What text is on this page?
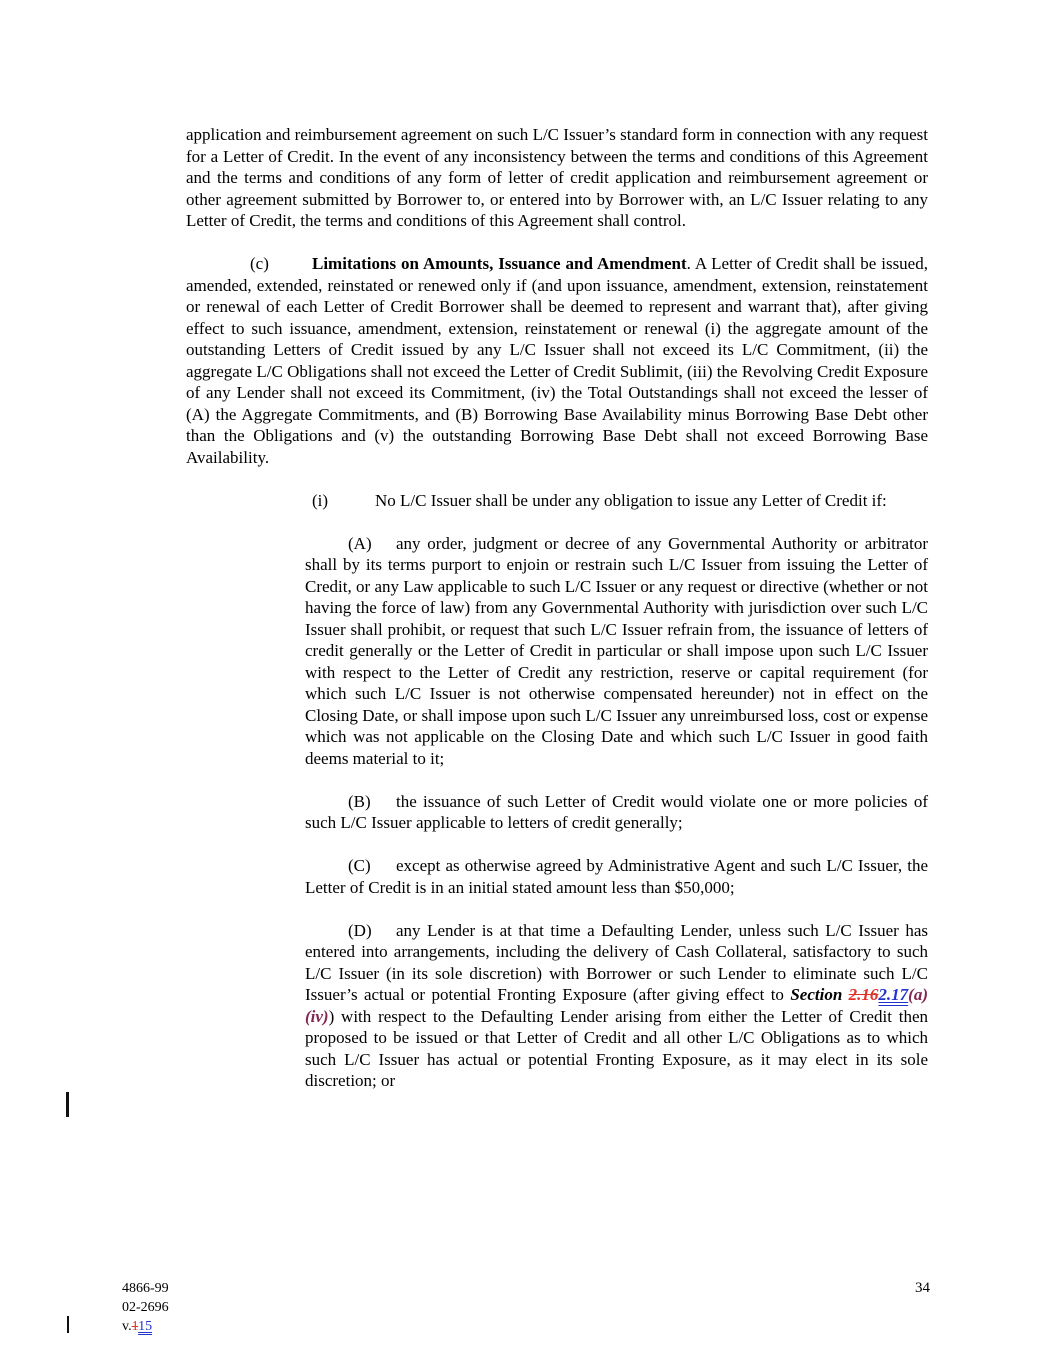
application and reimbursement agreement on such L/C Issuer’s standard form in connection with any request for a Letter of Credit. In the event of any inconsistency between the terms and conditions of this Agreement and the terms and conditions of any form of letter of credit application and reimbursement agreement or other agreement submitted by Borrower to, or entered into by Borrower with, an L/C Issuer relating to any Letter of Credit, the terms and conditions of this Agreement shall control.

(c)	Limitations on Amounts, Issuance and Amendment. A Letter of Credit shall be issued, amended, extended, reinstated or renewed only if (and upon issuance, amendment, extension, reinstatement or renewal of each Letter of Credit Borrower shall be deemed to represent and warrant that), after giving effect to such issuance, amendment, extension, reinstatement or renewal (i) the aggregate amount of the outstanding Letters of Credit issued by any L/C Issuer shall not exceed its L/C Commitment, (ii) the aggregate L/C Obligations shall not exceed the Letter of Credit Sublimit, (iii) the Revolving Credit Exposure of any Lender shall not exceed its Commitment, (iv) the Total Outstandings shall not exceed the lesser of (A) the Aggregate Commitments, and (B) Borrowing Base Availability minus Borrowing Base Debt other than the Obligations and (v) the outstanding Borrowing Base Debt shall not exceed Borrowing Base Availability.

(i)	No L/C Issuer shall be under any obligation to issue any Letter of Credit if:

(A) any order, judgment or decree of any Governmental Authority or arbitrator shall by its terms purport to enjoin or restrain such L/C Issuer from issuing the Letter of Credit, or any Law applicable to such L/C Issuer or any request or directive (whether or not having the force of law) from any Governmental Authority with jurisdiction over such L/C Issuer shall prohibit, or request that such L/C Issuer refrain from, the issuance of letters of credit generally or the Letter of Credit in particular or shall impose upon such L/C Issuer with respect to the Letter of Credit any restriction, reserve or capital requirement (for which such L/C Issuer is not otherwise compensated hereunder) not in effect on the Closing Date, or shall impose upon such L/C Issuer any unreimbursed loss, cost or expense which was not applicable on the Closing Date and which such L/C Issuer in good faith deems material to it;

(B) the issuance of such Letter of Credit would violate one or more policies of such L/C Issuer applicable to letters of credit generally;

(C) except as otherwise agreed by Administrative Agent and such L/C Issuer, the Letter of Credit is in an initial stated amount less than $50,000;

(D) any Lender is at that time a Defaulting Lender, unless such L/C Issuer has entered into arrangements, including the delivery of Cash Collateral, satisfactory to such L/C Issuer (in its sole discretion) with Borrower or such Lender to eliminate such L/C Issuer’s actual or potential Fronting Exposure (after giving effect to Section 2.162.17(a)(iv)) with respect to the Defaulting Lender arising from either the Letter of Credit then proposed to be issued or that Letter of Credit and all other L/C Obligations as to which such L/C Issuer has actual or potential Fronting Exposure, as it may elect in its sole discretion; or

4866-99
02-2696
v.115
34
